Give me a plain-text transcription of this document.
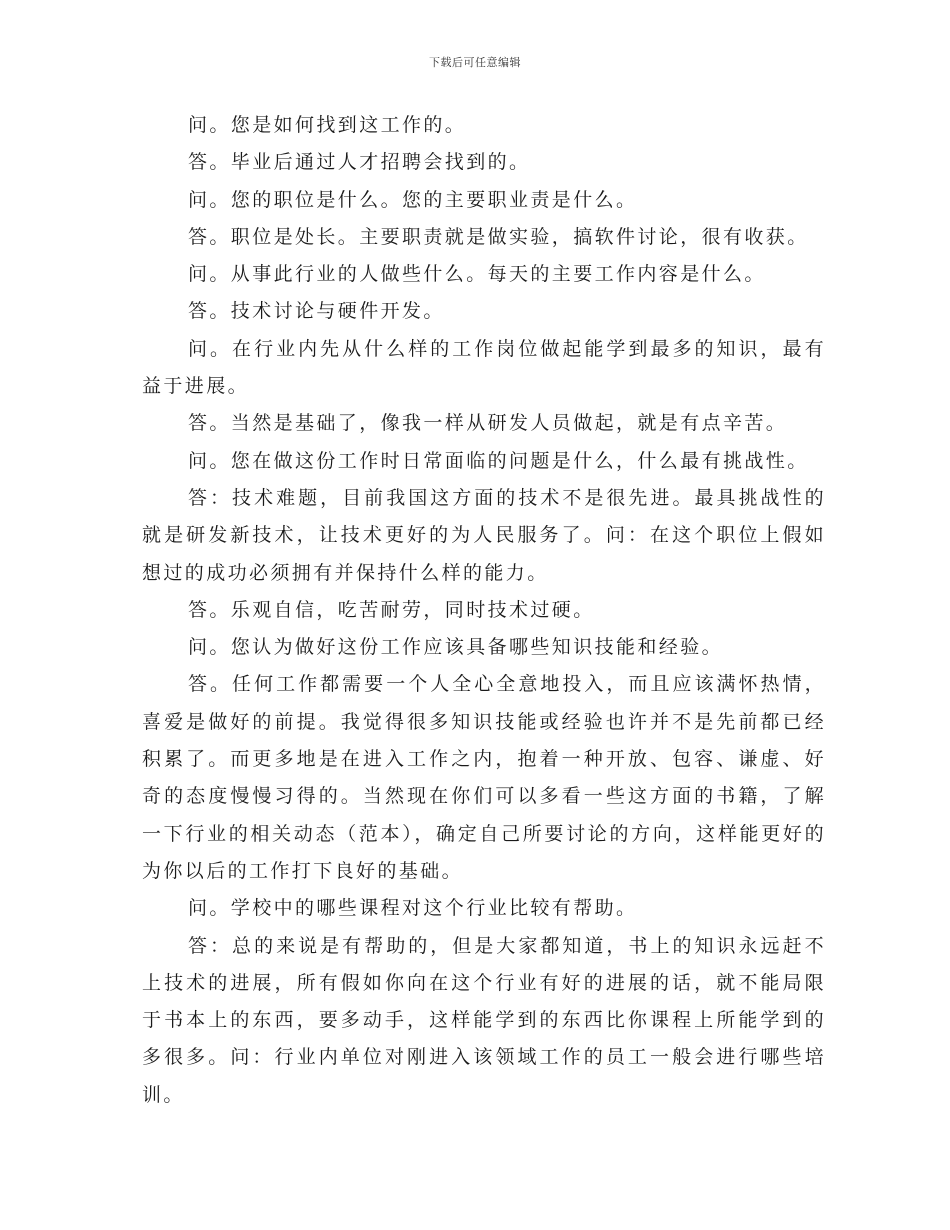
下载后可任意编辑

问。您是如何找到这工作的。

答。毕业后通过人才招聘会找到的。

问。您的职位是什么。您的主要职业责是什么。

答。职位是处长。主要职责就是做实验，搞软件讨论，很有收获。

问。从事此行业的人做些什么。每天的主要工作内容是什么。

答。技术讨论与硬件开发。

问。在行业内先从什么样的工作岗位做起能学到最多的知识，最有益于进展。

答。当然是基础了，像我一样从研发人员做起，就是有点辛苦。

问。您在做这份工作时日常面临的问题是什么，什么最有挑战性。

答：技术难题，目前我国这方面的技术不是很先进。最具挑战性的就是研发新技术，让技术更好的为人民服务了。问：在这个职位上假如想过的成功必须拥有并保持什么样的能力。

答。乐观自信，吃苦耐劳，同时技术过硬。

问。您认为做好这份工作应该具备哪些知识技能和经验。

答。任何工作都需要一个人全心全意地投入，而且应该满怀热情，喜爱是做好的前提。我觉得很多知识技能或经验也许并不是先前都已经积累了。而更多地是在进入工作之内，抱着一种开放、包容、谦虚、好奇的态度慢慢习得的。当然现在你们可以多看一些这方面的书籍，了解一下行业的相关动态（范本），确定自己所要讨论的方向，这样能更好的为你以后的工作打下良好的基础。

问。学校中的哪些课程对这个行业比较有帮助。

答：总的来说是有帮助的，但是大家都知道，书上的知识永远赶不上技术的进展，所有假如你向在这个行业有好的进展的话，就不能局限于书本上的东西，要多动手，这样能学到的东西比你课程上所能学到的多很多。问：行业内单位对刚进入该领域工作的员工一般会进行哪些培训。
